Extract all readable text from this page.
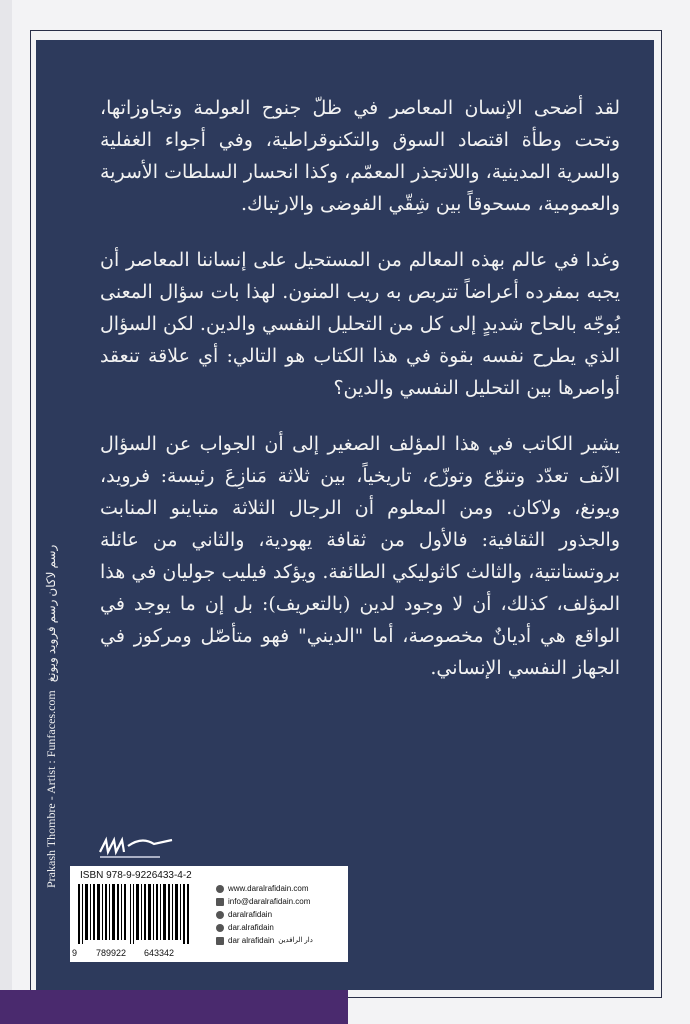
لقد أضحى الإنسان المعاصر في ظلّ جنوح العولمة وتجاوزاتها، وتحت وطأة اقتصاد السوق والتكنوقراطية، وفي أجواء الغفلية والسرية المدينية، واللاتجذر المعمّم، وكذا انحسار السلطات الأسرية والعمومية، مسحوقاً بين شِقّي الفوضى والارتباك.

وغدا في عالم بهذه المعالم من المستحيل على إنساننا المعاصر أن يجبه بمفرده أعراضاً تتربص به ريب المنون. لهذا بات سؤال المعنى يُوجّه بالحاح شديدٍ إلى كل من التحليل النفسي والدين. لكن السؤال الذي يطرح نفسه بقوة في هذا الكتاب هو التالي: أي علاقة تنعقد أواصرها بين التحليل النفسي والدين؟

يشير الكاتب في هذا المؤلف الصغير إلى أن الجواب عن السؤال الآنف تعدّد وتنوّع وتوزّع، تاريخياً، بين ثلاثة مَنازِعَ رئيسة: فرويد، ويونغ، ولاكان. ومن المعلوم أن الرجال الثلاثة متباينو المنابت والجذور الثقافية: فالأول من ثقافة يهودية، والثاني من عائلة بروتستانتية، والثالث كاثوليكي الطائفة. ويؤكد فيليب جوليان في هذا المؤلف، كذلك، أن لا وجود لدين (بالتعريف): بل إن ما يوجد في الواقع هي أديانٌ مخصوصة، أما "الديني" فهو متأصّل ومركوز في الجهاز النفسي الإنساني.

Prakash Thombre - Artist : Funfaces.com
رسم لاكان رسم فرويد ويونغ
ISBN 978-9-9226433-4-2
9 789922 643342
www.daralrafidain.com
info@daralrafidain.com
daralrafidain
dar.alrafidain
dar alrafidain دار الرافدين
